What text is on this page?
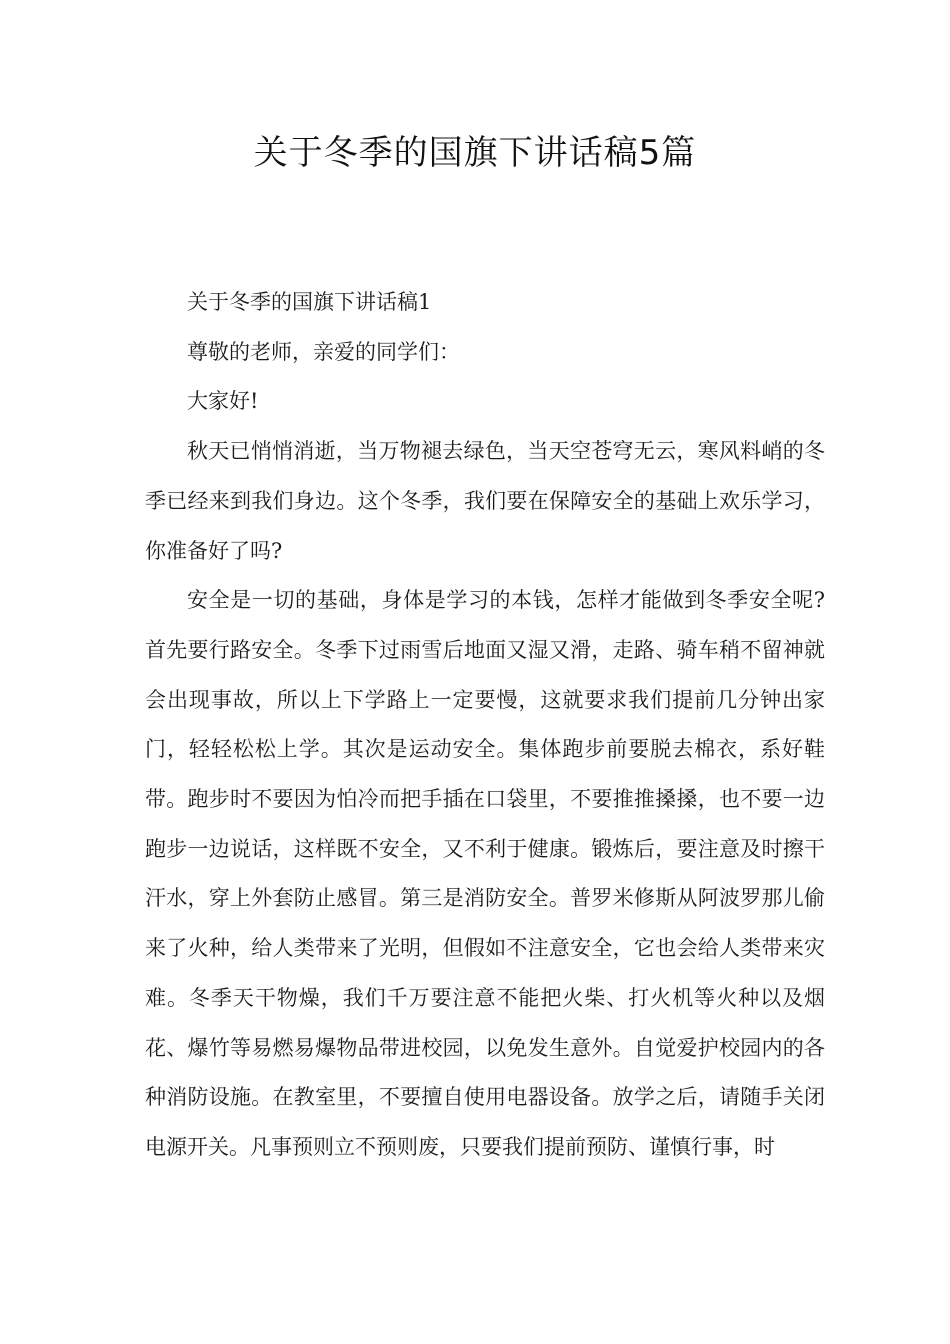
关于冬季的国旗下讲话稿5篇

关于冬季的国旗下讲话稿1

尊敬的老师，亲爱的同学们：

大家好!

秋天已悄悄消逝，当万物褪去绿色，当天空苍穹无云，寒风料峭的冬季已经来到我们身边。这个冬季，我们要在保障安全的基础上欢乐学习，你准备好了吗?

安全是一切的基础，身体是学习的本钱，怎样才能做到冬季安全呢?首先要行路安全。冬季下过雨雪后地面又湿又滑，走路、骑车稍不留神就会出现事故，所以上下学路上一定要慢，这就要求我们提前几分钟出家门，轻轻松松上学。其次是运动安全。集体跑步前要脱去棉衣，系好鞋带。跑步时不要因为怕冷而把手插在口袋里，不要推推搡搡，也不要一边跑步一边说话，这样既不安全，又不利于健康。锻炼后，要注意及时擦干汗水，穿上外套防止感冒。第三是消防安全。普罗米修斯从阿波罗那儿偷来了火种，给人类带来了光明，但假如不注意安全，它也会给人类带来灾难。冬季天干物燥，我们千万要注意不能把火柴、打火机等火种以及烟花、爆竹等易燃易爆物品带进校园，以免发生意外。自觉爱护校园内的各种消防设施。在教室里，不要擅自使用电器设备。放学之后，请随手关闭电源开关。凡事预则立不预则废，只要我们提前预防、谨慎行事，时
